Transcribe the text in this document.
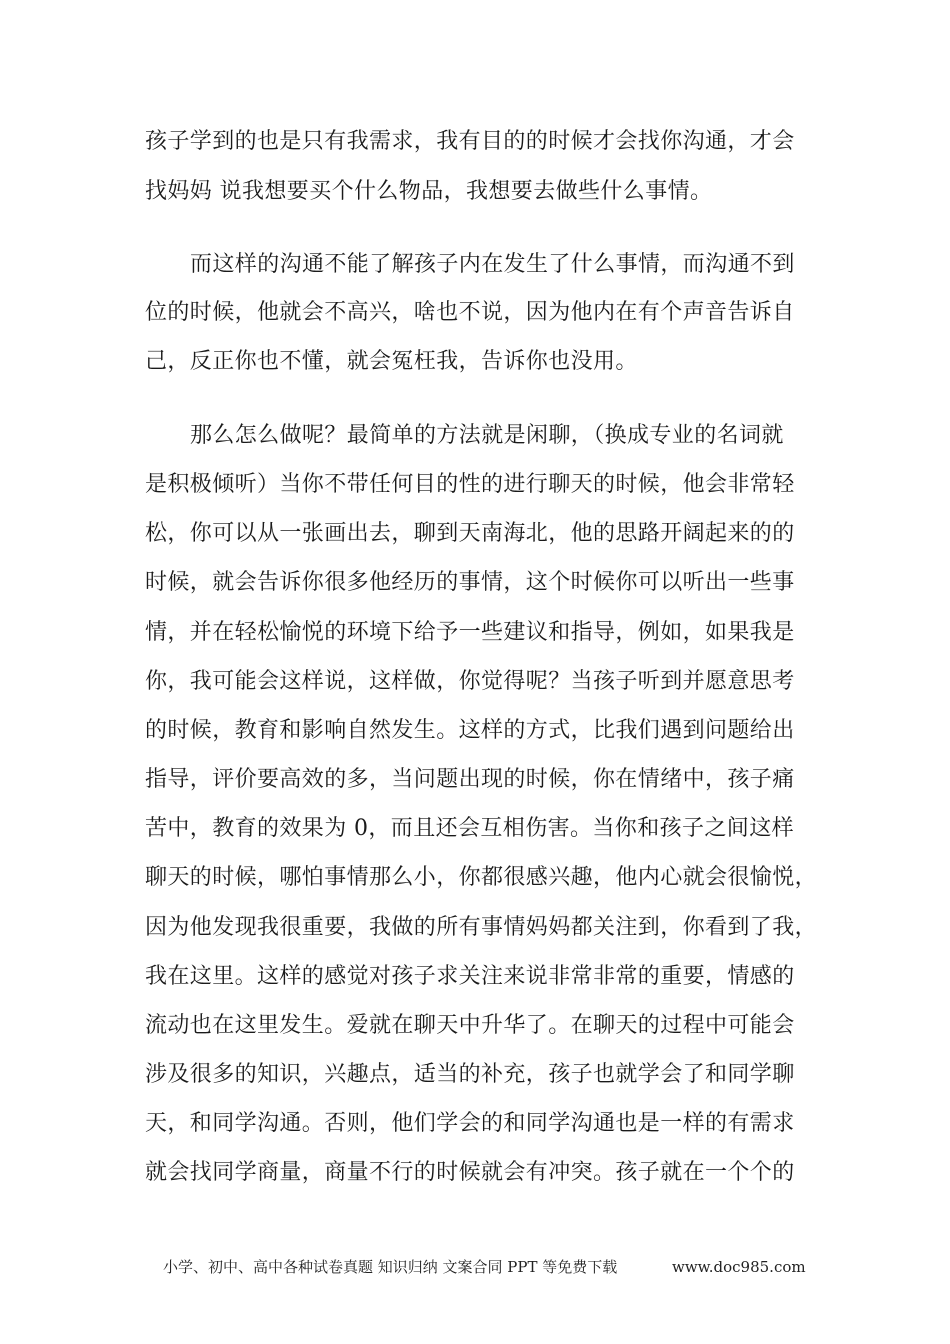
孩子学到的也是只有我需求，我有目的的时候才会找你沟通，才会
找妈妈 说我想要买个什么物品，我想要去做些什么事情。
而这样的沟通不能了解孩子内在发生了什么事情，而沟通不到
位的时候，他就会不高兴，啥也不说，因为他内在有个声音告诉自
己，反正你也不懂，就会冤枉我，告诉你也没用。
那么怎么做呢？最简单的方法就是闲聊，（换成专业的名词就
是积极倾听）当你不带任何目的性的进行聊天的时候，他会非常轻
松，你可以从一张画出去，聊到天南海北，他的思路开阔起来的的
时候，就会告诉你很多他经历的事情，这个时候你可以听出一些事
情，并在轻松愉悦的环境下给予一些建议和指导，例如，如果我是
你，我可能会这样说，这样做，你觉得呢？当孩子听到并愿意思考
的时候，教育和影响自然发生。这样的方式，比我们遇到问题给出
指导，评价要高效的多，当问题出现的时候，你在情绪中，孩子痛
苦中，教育的效果为 0，而且还会互相伤害。当你和孩子之间这样
聊天的时候，哪怕事情那么小，你都很感兴趣，他内心就会很愉悦，
因为他发现我很重要，我做的所有事情妈妈都关注到，你看到了我，
我在这里。这样的感觉对孩子求关注来说非常非常的重要，情感的
流动也在这里发生。爱就在聊天中升华了。在聊天的过程中可能会
涉及很多的知识，兴趣点，适当的补充，孩子也就学会了和同学聊
天，和同学沟通。否则，他们学会的和同学沟通也是一样的有需求
就会找同学商量，商量不行的时候就会有冲突。孩子就在一个个的
小学、初中、高中各种试卷真题 知识归纳 文案合同 PPT 等免费下载	www.doc985.com
